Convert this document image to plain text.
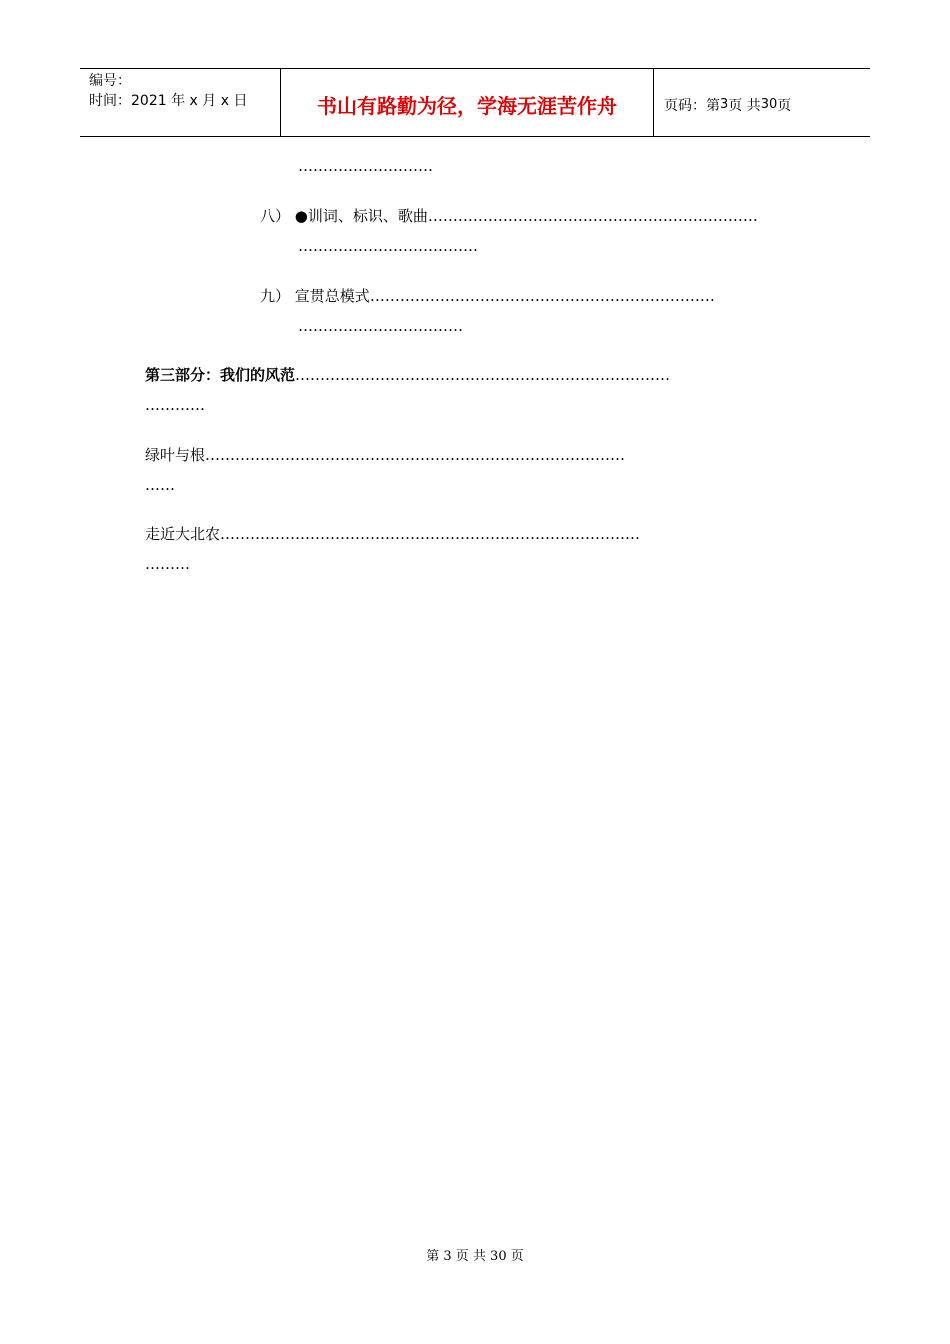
编号：
时间：2021 年 x 月 x 日	书山有路勤为径，学海无涯苦作舟	页码：第 3 页 共 30 页
………………………
八） ●训词、标识、歌曲…………………………………………………………
………………………………
九） 宣贯总模式……………………………………………………………
……………………………
第三部分：我们的风范…………………………………………………………………
…………
绿叶与根…………………………………………………………………………
……
走近大北农…………………………………………………………………………
………
第 3 页 共 30 页
